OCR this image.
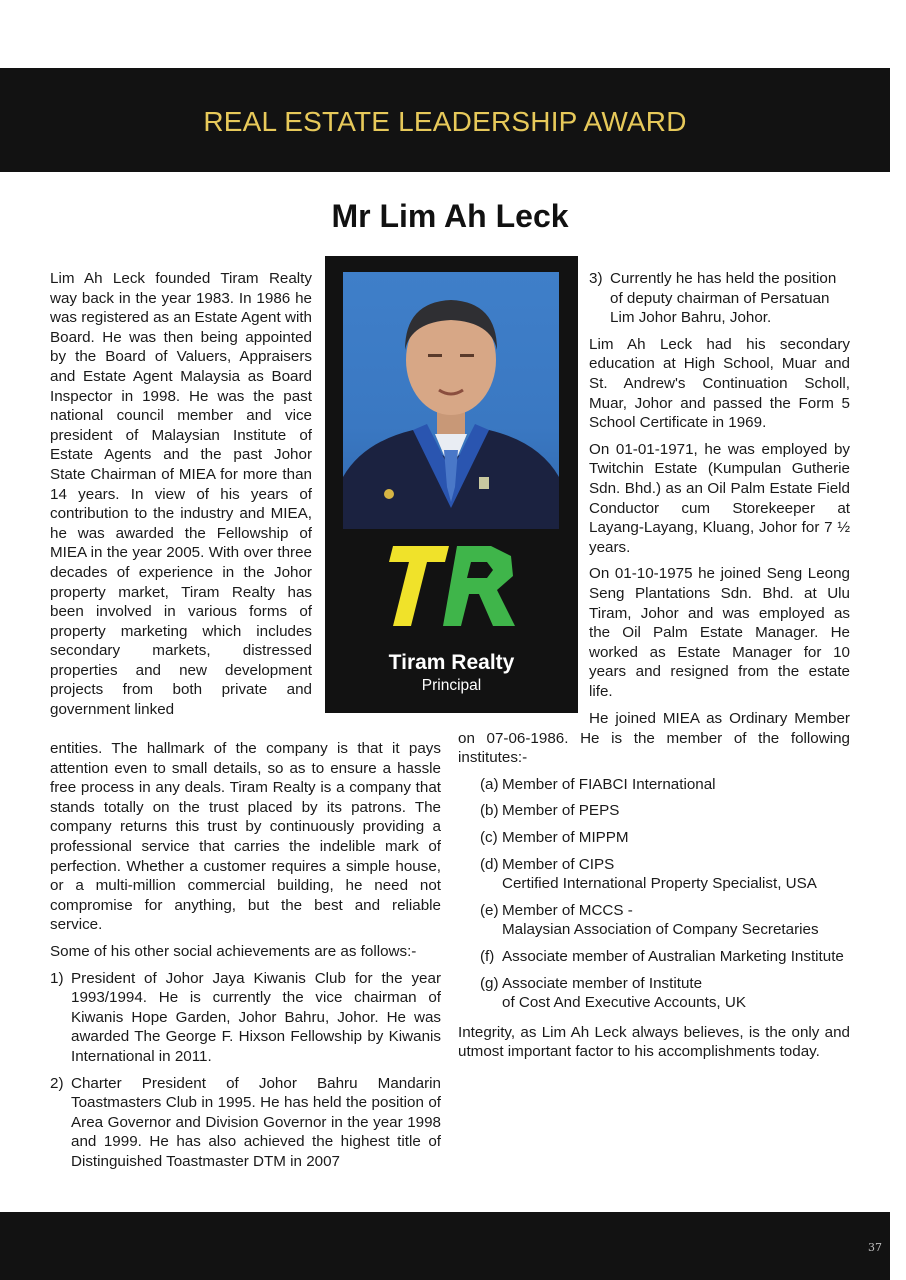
REAL ESTATE LEADERSHIP AWARD
Mr Lim Ah Leck
Lim Ah Leck founded Tiram Realty way back in the year 1983. In 1986 he was registered as an Estate Agent with Board. He was then being appointed by the Board of Valuers, Appraisers and Estate Agent Malaysia as Board Inspector in 1998. He was the past national council member and vice president of Malaysian Institute of Estate Agents and the past Johor State Chairman of MIEA for more than 14 years. In view of his years of contribution to the industry and MIEA, he was awarded the Fellowship of MIEA in the year 2005. With over three decades of experience in the Johor property market, Tiram Realty has been involved in various forms of property marketing which includes secondary markets, distressed properties and new development projects from both private and government linked
Tiram Realty
Principal

entities. The hallmark of the company is that it pays attention even to small details, so as to ensure a hassle free process in any deals. Tiram Realty is a company that stands totally on the trust placed by its patrons. The company returns this trust by continuously providing a professional service that carries the indelible mark of perfection. Whether a customer requires a simple house, or a multi-million commercial building, he need not compromise for anything, but the best and reliable service.

Some of his other social achievements are as follows:-

1) President of Johor Jaya Kiwanis Club for the year 1993/1994. He is currently the vice chairman of Kiwanis Hope Garden, Johor Bahru, Johor. He was awarded The George F. Hixson Fellowship by Kiwanis International in 2011.
2) Charter President of Johor Bahru Mandarin Toastmasters Club in 1995. He has held the position of Area Governor and Division Governor in the year 1998 and 1999. He has also achieved the highest title of Distinguished Toastmaster DTM in 2007
3) Currently he has held the position of deputy chairman of Persatuan Lim Johor Bahru, Johor.

Lim Ah Leck had his secondary education at High School, Muar and St. Andrew's Continuation Scholl, Muar, Johor and passed the Form 5 School Certificate in 1969.

On 01-01-1971, he was employed by Twitchin Estate (Kumpulan Gutherie Sdn. Bhd.) as an Oil Palm Estate Field Conductor cum Storekeeper at Layang-Layang, Kluang, Johor for 7 ½ years.

On 01-10-1975 he joined Seng Leong Seng Plantations Sdn. Bhd. at Ulu Tiram, Johor and was employed as the Oil Palm Estate Manager. He worked as Estate Manager for 10 years and resigned from the estate life.

He joined MIEA as Ordinary Member on 07-06-1986. He is the member of the following institutes:-

(a) Member of FIABCI International
(b) Member of PEPS
(c) Member of MIPPM
(d) Member of CIPS
Certified International Property Specialist, USA
(e) Member of MCCS -
Malaysian Association of Company Secretaries
(f) Associate member of Australian Marketing Institute
(g) Associate member of Institute
of Cost And Executive Accounts, UK

Integrity, as Lim Ah Leck always believes, is the only and utmost important factor to his accomplishments today.

37
